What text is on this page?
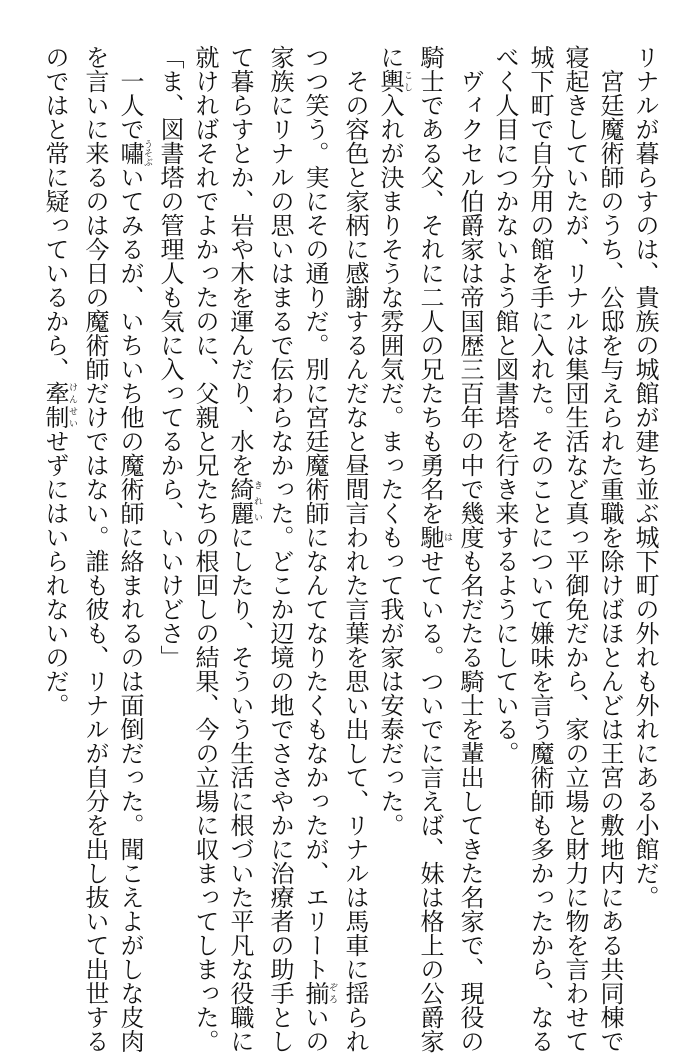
リナルが暮らすのは、貴族の城館が建ち並ぶ城下町の外れも外れにある小館だ。
　宮廷魔術師のうち、公邸を与えられた重職を除けばほとんどは王宮の敷地内にある共同棟で
寝起きしていたが、リナルは集団生活など真っ平御免だから、家の立場と財力に物を言わせて
城下町で自分用の館を手に入れた。そのことについて嫌味を言う魔術師も多かったから、なる
べく人目につかないよう館と図書塔を行き来するようにしている。
　ヴィクセル伯爵家は帝国歴三百年の中で幾度も名だたる騎士を輩出してきた名家で、現役の
騎士である父、それに二人の兄たちも勇名を馳はせている。ついでに言えば、妹は格上の公爵家
に輿こし入れが決まりそうな雰囲気だ。まったくもって我が家は安泰だった。
　その容色と家柄に感謝するんだなと昼間言われた言葉を思い出して、リナルは馬車に揺られ
つつ笑う。実にその通りだ。別に宮廷魔術師になんてなりたくもなかったが、エリート揃ぞろいの
家族にリナルの思いはまるで伝わらなかった。どこか辺境の地でささやかに治療者の助手とし
て暮らすとか、岩や木を運んだり、水を綺麗きれいにしたり、そういう生活に根づいた平凡な役職に
就ければそれでよかったのに、父親と兄たちの根回しの結果、今の立場に収まってしまった。
「ま、図書塔の管理人も気に入ってるから、いいけどさ」
　一人で嘯うそぶいてみるが、いちいち他の魔術師に絡まれるのは面倒だった。聞こえよがしな皮肉
を言いに来るのは今日の魔術師だけではない。誰も彼も、リナルが自分を出し抜いて出世する
のではと常に疑っているから、牽制けんせいせずにはいられないのだ。
